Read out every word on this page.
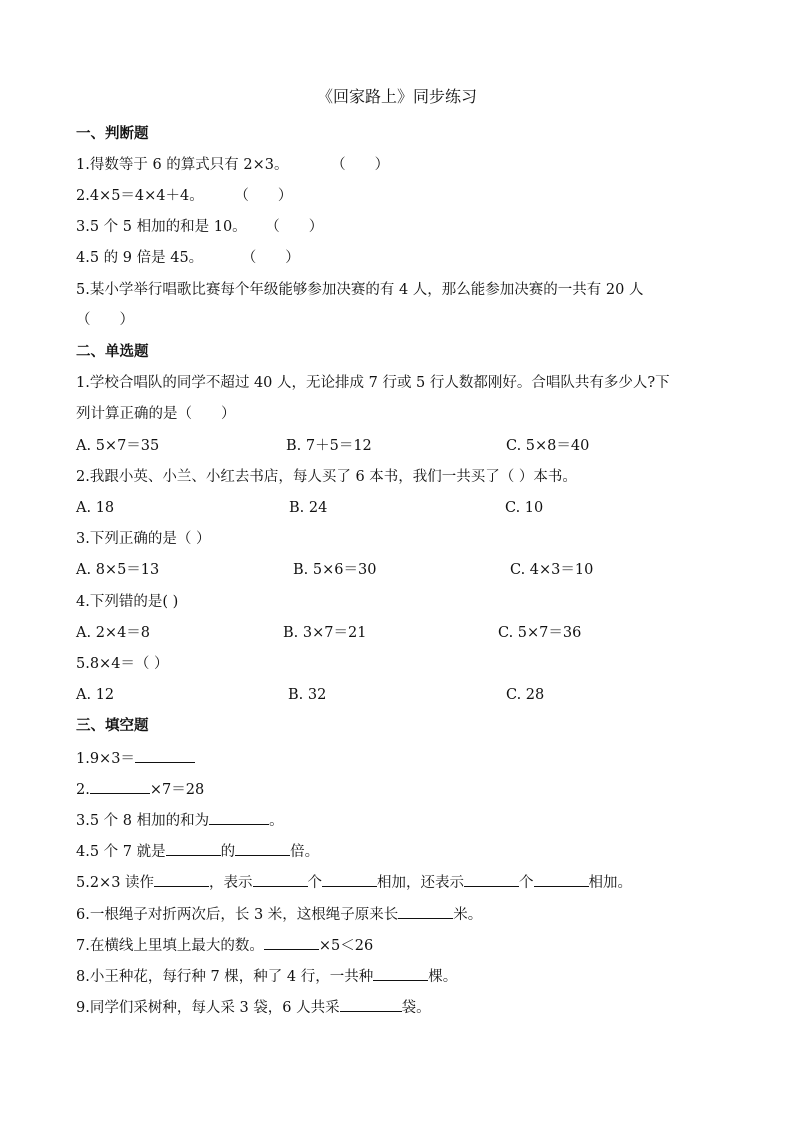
《回家路上》同步练习
一、判断题
1.得数等于 6 的算式只有 2×3。	（　　）
2.4×5＝4×4＋4。 （　　）
3.5 个 5 相加的和是 10。 （　　）
4.5 的 9 倍是 45。	（　　）
5.某小学举行唱歌比赛每个年级能够参加决赛的有 4 人，那么能参加决赛的一共有 20 人
（　　）
二、单选题
1.学校合唱队的同学不超过 40 人，无论排成 7 行或 5 行人数都刚好。合唱队共有多少人?下
列计算正确的是（　　）
A. 5×7＝35	B. 7＋5＝12	C. 5×8＝40
2.我跟小英、小兰、小红去书店，每人买了 6 本书，我们一共买了（ ）本书。
A. 18	B. 24	C. 10
3.下列正确的是（ ）
A. 8×5＝13	B. 5×6＝30	C. 4×3＝10
4.下列错的是( )
A. 2×4＝8	B. 3×7＝21	C. 5×7＝36
5.8×4＝（ ）
A. 12	B. 32	C. 28
三、填空题
1.9×3＝
2.	×7＝28
3.5 个 8 相加的和为	。
4.5 个 7 就是	的	倍。
5.2×3 读作	，表示	个	相加，还表示	个	相加。
6.一根绳子对折两次后，长 3 米，这根绳子原来长	米。
7.在横线上里填上最大的数。	×5＜26
8.小王种花，每行种 7 棵，种了 4 行，一共种	棵。
9.同学们采树种，每人采 3 袋，6 人共采	袋。
